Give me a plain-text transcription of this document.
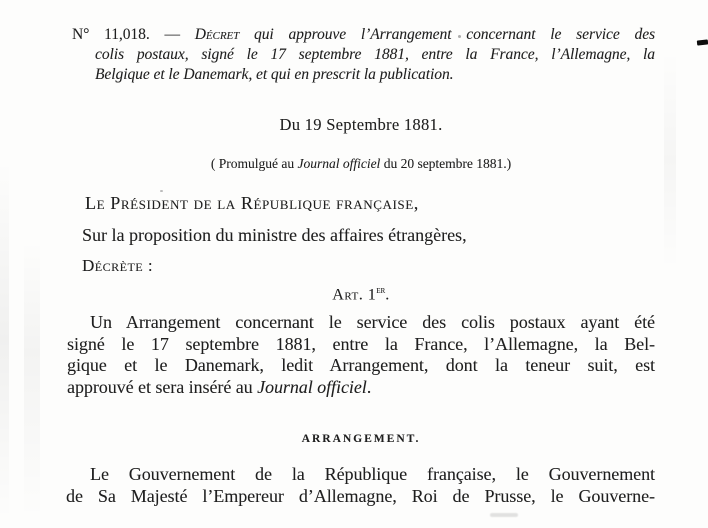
N° 11,018. — Décret qui approuve l’Arrangement concernant le service des
colis postaux, signé le 17 septembre 1881, entre la France, l’Allemagne, la
Belgique et le Danemark, et qui en prescrit la publication.
Du 19 Septembre 1881.
( Promulgué au Journal officiel du 20 septembre 1881.)
Le Président de la République française,
Sur la proposition du ministre des affaires étrangères,
Décrète :
Art. 1er.
Un Arrangement concernant le service des colis postaux ayant été
signé le 17 septembre 1881, entre la France, l’Allemagne, la Bel-
gique et le Danemark, ledit Arrangement, dont la teneur suit, est
approuvé et sera inséré au Journal officiel.
ARRANGEMENT.
Le Gouvernement de la République française, le Gouvernement
de Sa Majesté l’Empereur d’Allemagne, Roi de Prusse, le Gouverne-
